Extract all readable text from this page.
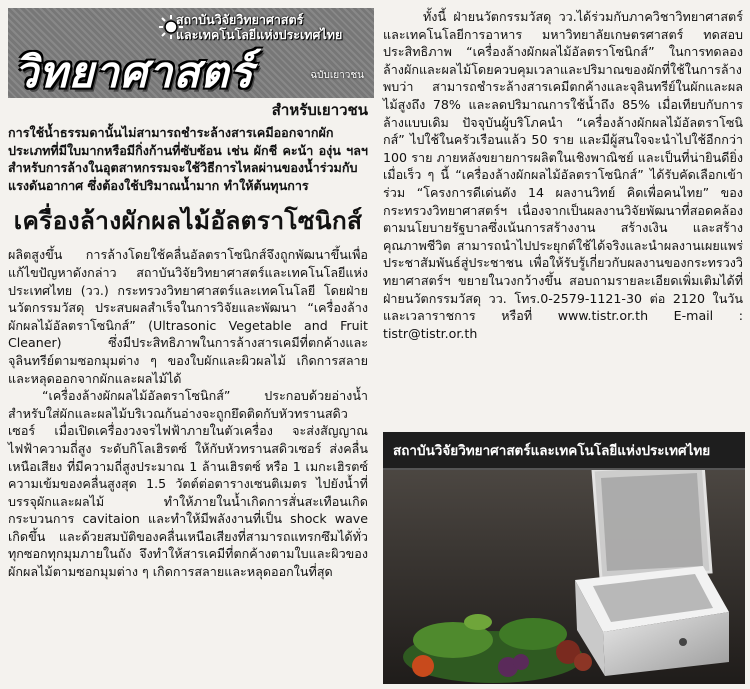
สถาบันวิจัยวิทยาศาสตร์
และเทคโนโลยีแห่งประเทศไทย
วิทยาศาสตร์	ฉบับเยาวชน
สำหรับเยาวชน

การใช้น้ำธรรมดานั้นไม่สามารถชำระล้างสารเคมีออกจากผัก ประเภทที่มีใบมากหรือมีกิ่งก้านที่ซับซ้อน เช่น ผักชี คะน้า องุ่น ฯลฯ สำหรับการล้างในอุตสาหกรรมจะใช้วิธีการไหลผ่านของน้ำร่วมกับแรงดันอากาศ ซึ่งต้องใช้ปริมาณน้ำมาก ทำให้ต้นทุนการ

เครื่องล้างผักผลไม้อัลตราโซนิกส์

ผลิตสูงขึ้น การล้างโดยใช้คลื่นอัลตราโซนิกส์จึงถูกพัฒนาขึ้นเพื่อแก้ไขปัญหาดังกล่าว สถาบันวิจัยวิทยาศาสตร์และเทคโนโลยีแห่งประเทศไทย (วว.) กระทรวงวิทยาศาสตร์และเทคโนโลยี โดยฝ่ายนวัตกรรมวัสดุ ประสบผลสำเร็จในการวิจัยและพัฒนา “เครื่องล้างผักผลไม้อัลตราโซนิกส์” (Ultrasonic Vegetable and Fruit Cleaner) ซึ่งมีประสิทธิภาพในการล้างสารเคมีที่ตกค้างและจุลินทรีย์ตามซอกมุมต่าง ๆ ของใบผักและผิวผลไม้ เกิดการสลายและหลุดออกจากผักและผลไม้ได้

“เครื่องล้างผักผลไม้อัลตราโซนิกส์” ประกอบด้วยอ่างน้ำสำหรับใส่ผักและผลไม้บริเวณก้นอ่างจะถูกยึดติดกับหัวทรานสดิวเซอร์ เมื่อเปิดเครื่องวงจรไฟฟ้าภายในตัวเครื่อง จะส่งสัญญาณไฟฟ้าความถี่สูง ระดับกิโลเฮิรตซ์ ให้กับหัวทรานสดิวเซอร์ ส่งคลื่นเหนือเสียง ที่มีความถี่สูงประมาณ 1 ล้านเฮิรตซ์ หรือ 1 เมกะเฮิรตซ์ ความเข้มของคลื่นสูงสุด 1.5 วัตต์ต่อตารางเซนติเมตร ไปยังน้ำที่บรรจุผักและผลไม้ ทำให้ภายในน้ำเกิดการสั่นสะเทือนเกิดกระบวนการ cavitaion และทำให้มีพลังงานที่เป็น shock wave เกิดขึ้น และด้วยสมบัติของคลื่นเหนือเสียงที่สามารถแทรกซึมได้ทั่วทุกซอกทุกมุมภายในถัง จึงทำให้สารเคมีที่ตกค้างตามใบและผิวของผักผลไม้ตามซอกมุมต่าง ๆ เกิดการสลายและหลุดออกในที่สุด

ทั้งนี้ ฝ่ายนวัตกรรมวัสดุ วว.ได้ร่วมกับภาควิชาวิทยาศาสตร์และเทคโนโลยีการอาหาร มหาวิทยาลัยเกษตรศาสตร์ ทดสอบประสิทธิภาพ “เครื่องล้างผักผลไม้อัลตราโซนิกส์” ในการทดลองล้างผักและผลไม้โดยควบคุมเวลาและปริมาณของผักที่ใช้ในการล้าง พบว่า สามารถชำระล้างสารเคมีตกค้างและจุลินทรีย์ในผักและผลไม้สูงถึง 78% และลดปริมาณการใช้น้ำถึง 85% เมื่อเทียบกับการล้างแบบเดิม ปัจจุบันผู้บริโภคนำ “เครื่องล้างผักผลไม้อัลตราโซนิกส์” ไปใช้ในครัวเรือนแล้ว 50 ราย และมีผู้สนใจจะนำไปใช้อีกกว่า 100 ราย ภายหลังขยายการผลิตในเชิงพาณิชย์ และเป็นที่น่ายินดียิ่งเมื่อเร็ว ๆ นี้ “เครื่องล้างผักผลไม้อัลตราโซนิกส์” ได้รับคัดเลือกเข้าร่วม “โครงการดีเด่นดัง 14 ผลงานวิทย์ คิดเพื่อคนไทย” ของกระทรวงวิทยาศาสตร์ฯ เนื่องจากเป็นผลงานวิจัยพัฒนาที่สอดคล้องตามนโยบายรัฐบาลซึ่งเน้นการสร้างงาน สร้างเงิน และสร้างคุณภาพชีวิต สามารถนำไปประยุกต์ใช้ได้จริงและนำผลงานเผยแพร่ประชาสัมพันธ์สู่ประชาชน เพื่อให้รับรู้เกี่ยวกับผลงานของกระทรวงวิทยาศาสตร์ฯ ขยายในวงกว้างขึ้น สอบถามรายละเอียดเพิ่มเติมได้ที่ฝ่ายนวัตกรรมวัสดุ วว. โทร.0-2579-1121-30 ต่อ 2120 ในวันและเวลาราชการ หรือที่ www.tistr.or.th E-mail : tistr@tistr.or.th

สถาบันวิจัยวิทยาศาสตร์และเทคโนโลยีแห่งประเทศไทย
